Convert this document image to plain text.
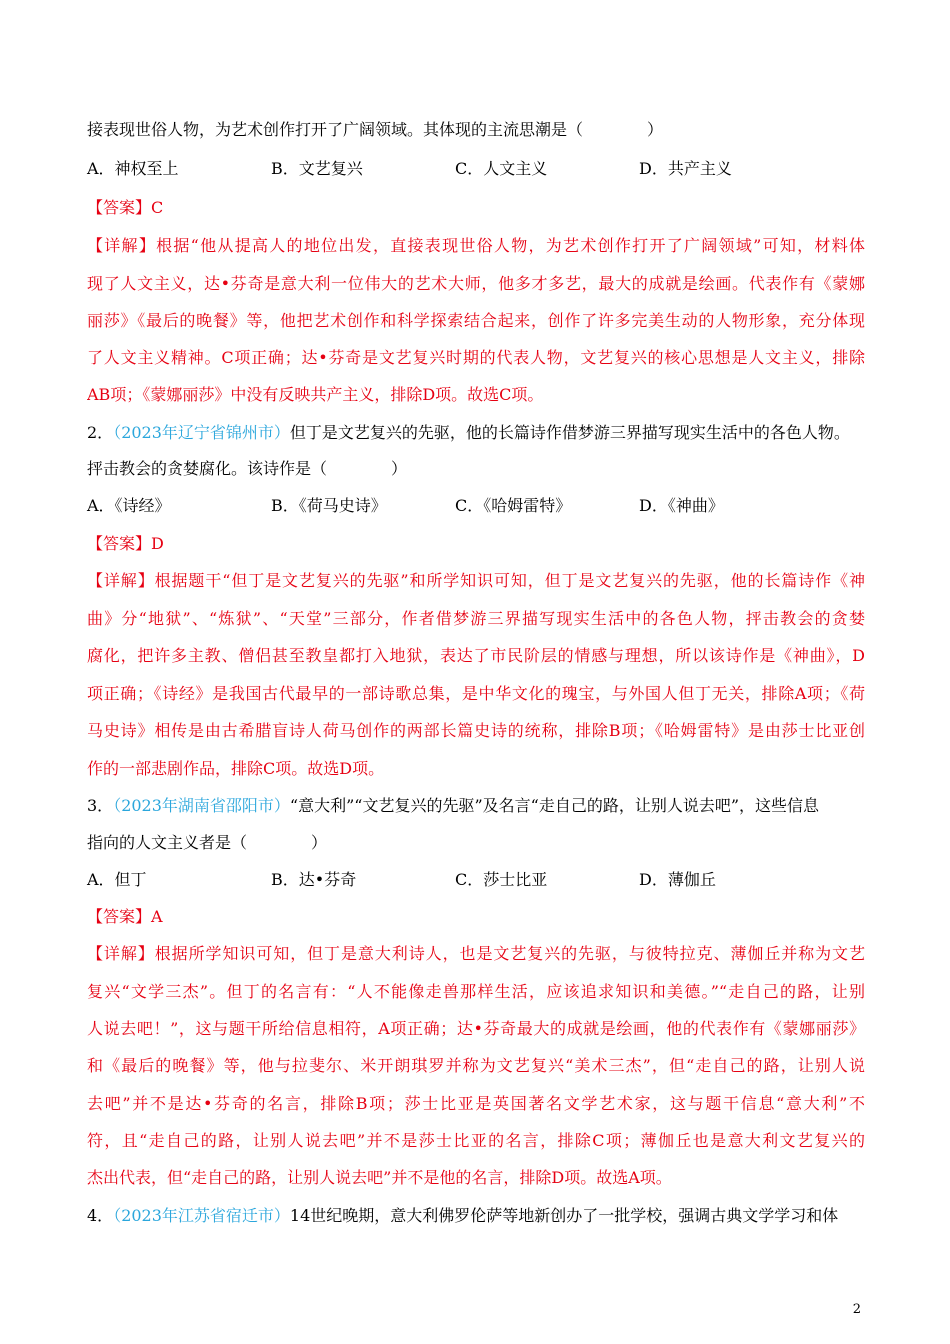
接表现世俗人物，为艺术创作打开了广阔领域。其体现的主流思潮是（　　　　）
A．神权至上	B．文艺复兴	C．人文主义	D．共产主义
【答案】C
【详解】根据“他从提高人的地位出发，直接表现世俗人物，为艺术创作打开了广阔领域”可知，材料体
现了人文主义，达•芬奇是意大利一位伟大的艺术大师，他多才多艺，最大的成就是绘画。代表作有《蒙娜
丽莎》《最后的晚餐》等，他把艺术创作和科学探索结合起来，创作了许多完美生动的人物形象，充分体现
了人文主义精神。C项正确；达•芬奇是文艺复兴时期的代表人物，文艺复兴的核心思想是人文主义，排除
AB项；《蒙娜丽莎》中没有反映共产主义，排除D项。故选C项。
2．（2023年辽宁省锦州市）但丁是文艺复兴的先驱，他的长篇诗作借梦游三界描写现实生活中的各色人物。
抨击教会的贪婪腐化。该诗作是（　　　　）
A．《诗经》	B．《荷马史诗》	C．《哈姆雷特》	D．《神曲》
【答案】D
【详解】根据题干“但丁是文艺复兴的先驱”和所学知识可知，但丁是文艺复兴的先驱，他的长篇诗作《神
曲》分“地狱”、“炼狱”、“天堂”三部分，作者借梦游三界描写现实生活中的各色人物，抨击教会的贪婪
腐化，把许多主教、僧侣甚至教皇都打入地狱，表达了市民阶层的情感与理想，所以该诗作是《神曲》，D
项正确；《诗经》是我国古代最早的一部诗歌总集，是中华文化的瑰宝，与外国人但丁无关，排除A项；《荷
马史诗》相传是由古希腊盲诗人荷马创作的两部长篇史诗的统称，排除B项；《哈姆雷特》是由莎士比亚创
作的一部悲剧作品，排除C项。故选D项。
3．（2023年湖南省邵阳市）“意大利”“文艺复兴的先驱”及名言“走自己的路，让别人说去吧”，这些信息
指向的人文主义者是（　　　　）
A．但丁	B．达•芬奇	C．莎士比亚	D．薄伽丘
【答案】A
【详解】根据所学知识可知，但丁是意大利诗人，也是文艺复兴的先驱，与彼特拉克、薄伽丘并称为文艺
复兴“文学三杰”。但丁的名言有：“人不能像走兽那样生活，应该追求知识和美德。”“走自己的路，让别
人说去吧！”，这与题干所给信息相符，A项正确；达•芬奇最大的成就是绘画，他的代表作有《蒙娜丽莎》
和《最后的晚餐》等，他与拉斐尔、米开朗琪罗并称为文艺复兴“美术三杰”，但“走自己的路，让别人说
去吧”并不是达•芬奇的名言，排除B项；莎士比亚是英国著名文学艺术家，这与题干信息“意大利”不
符，且“走自己的路，让别人说去吧”并不是莎士比亚的名言，排除C项；薄伽丘也是意大利文艺复兴的
杰出代表，但“走自己的路，让别人说去吧”并不是他的名言，排除D项。故选A项。
4．（2023年江苏省宿迁市）14世纪晚期，意大利佛罗伦萨等地新创办了一批学校，强调古典文学学习和体
2
